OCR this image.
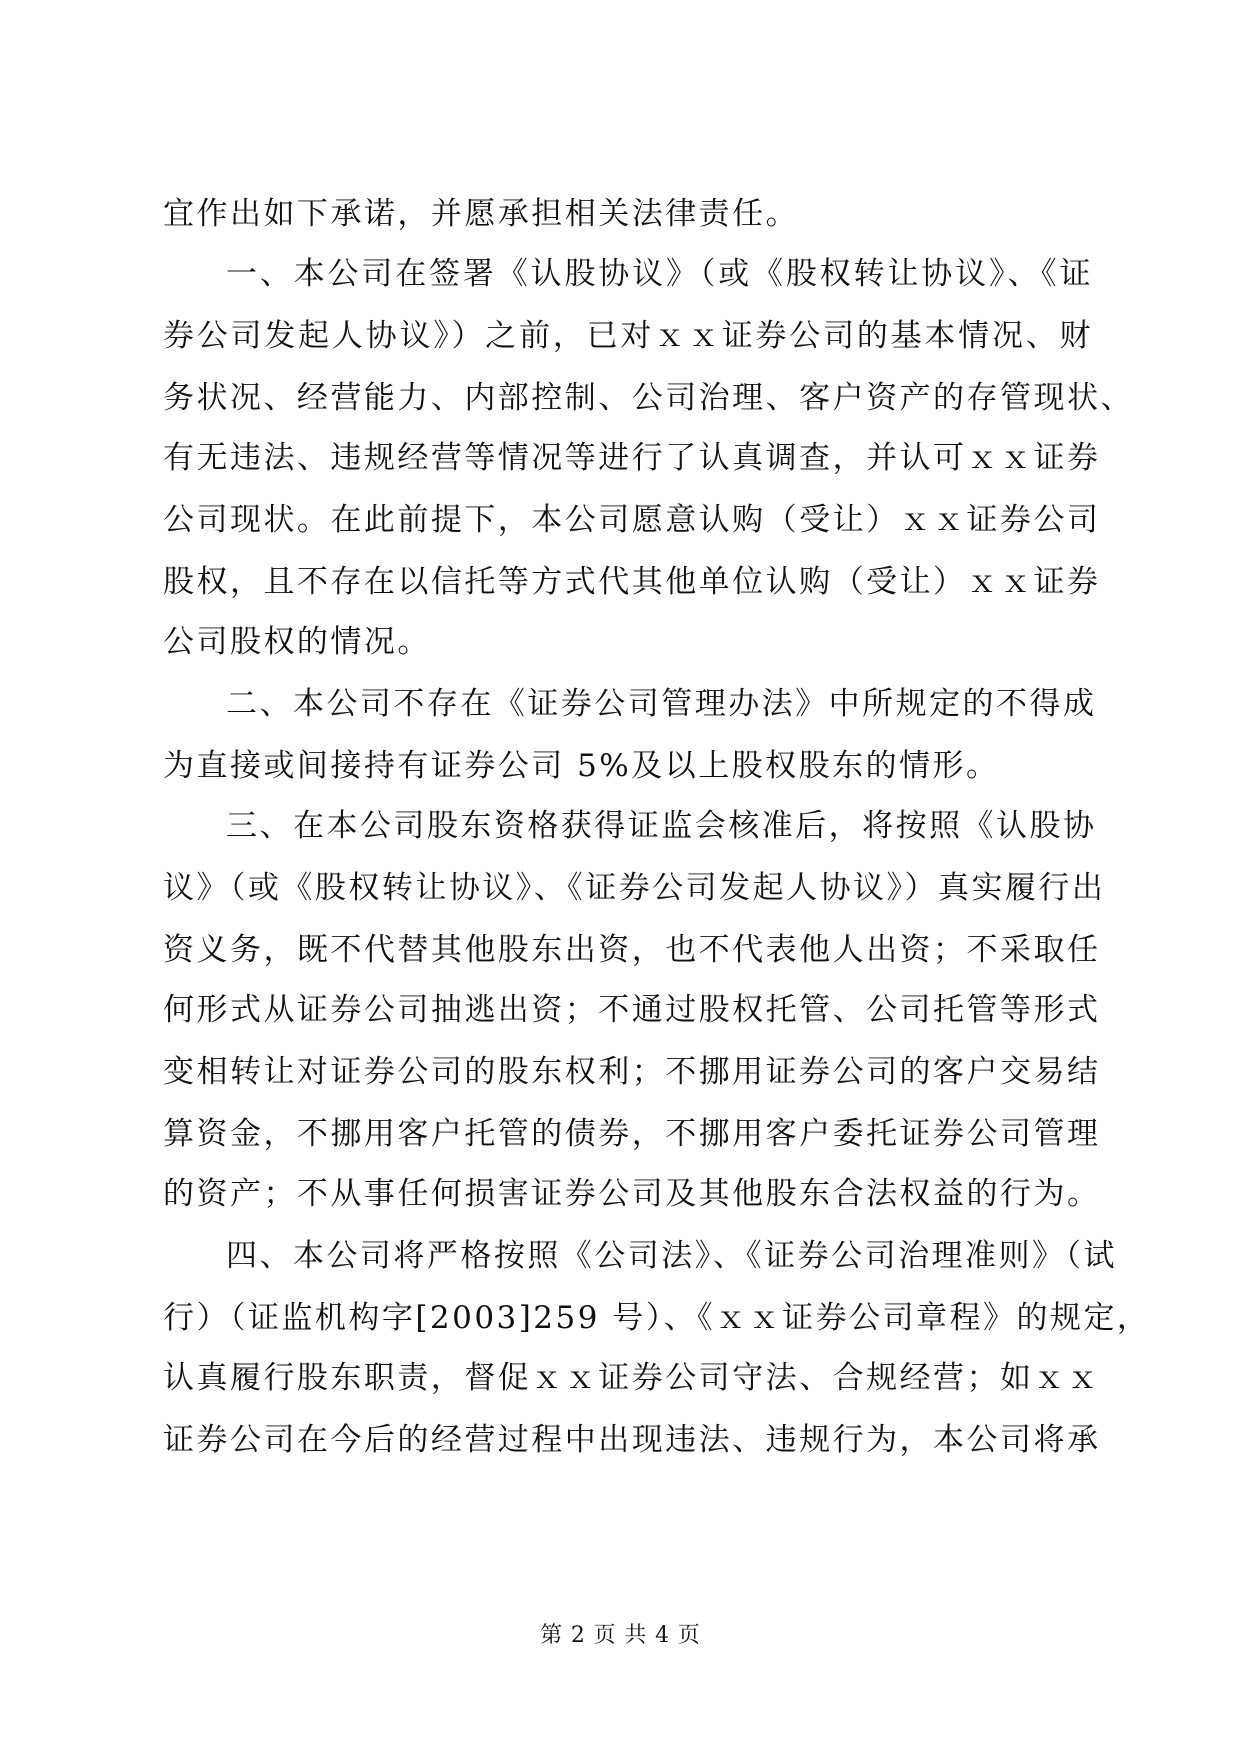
宜作出如下承诺，并愿承担相关法律责任。
一、本公司在签署《认股协议》（或《股权转让协议》、《证
券公司发起人协议》）之前，已对ｘｘ证券公司的基本情况、财
务状况、经营能力、内部控制、公司治理、客户资产的存管现状、
有无违法、违规经营等情况等进行了认真调查，并认可ｘｘ证券
公司现状。在此前提下，本公司愿意认购（受让）ｘｘ证券公司
股权，且不存在以信托等方式代其他单位认购（受让）ｘｘ证券
公司股权的情况。
二、本公司不存在《证券公司管理办法》中所规定的不得成
为直接或间接持有证券公司 5%及以上股权股东的情形。
三、在本公司股东资格获得证监会核准后，将按照《认股协
议》（或《股权转让协议》、《证券公司发起人协议》）真实履行出
资义务，既不代替其他股东出资，也不代表他人出资；不采取任
何形式从证券公司抽逃出资；不通过股权托管、公司托管等形式
变相转让对证券公司的股东权利；不挪用证券公司的客户交易结
算资金，不挪用客户托管的债券，不挪用客户委托证券公司管理
的资产；不从事任何损害证券公司及其他股东合法权益的行为。
四、本公司将严格按照《公司法》、《证券公司治理准则》（试
行）（证监机构字[2003]259 号）、《ｘｘ证券公司章程》的规定，
认真履行股东职责，督促ｘｘ证券公司守法、合规经营；如ｘｘ
证券公司在今后的经营过程中出现违法、违规行为，本公司将承
第 2 页 共 4 页
